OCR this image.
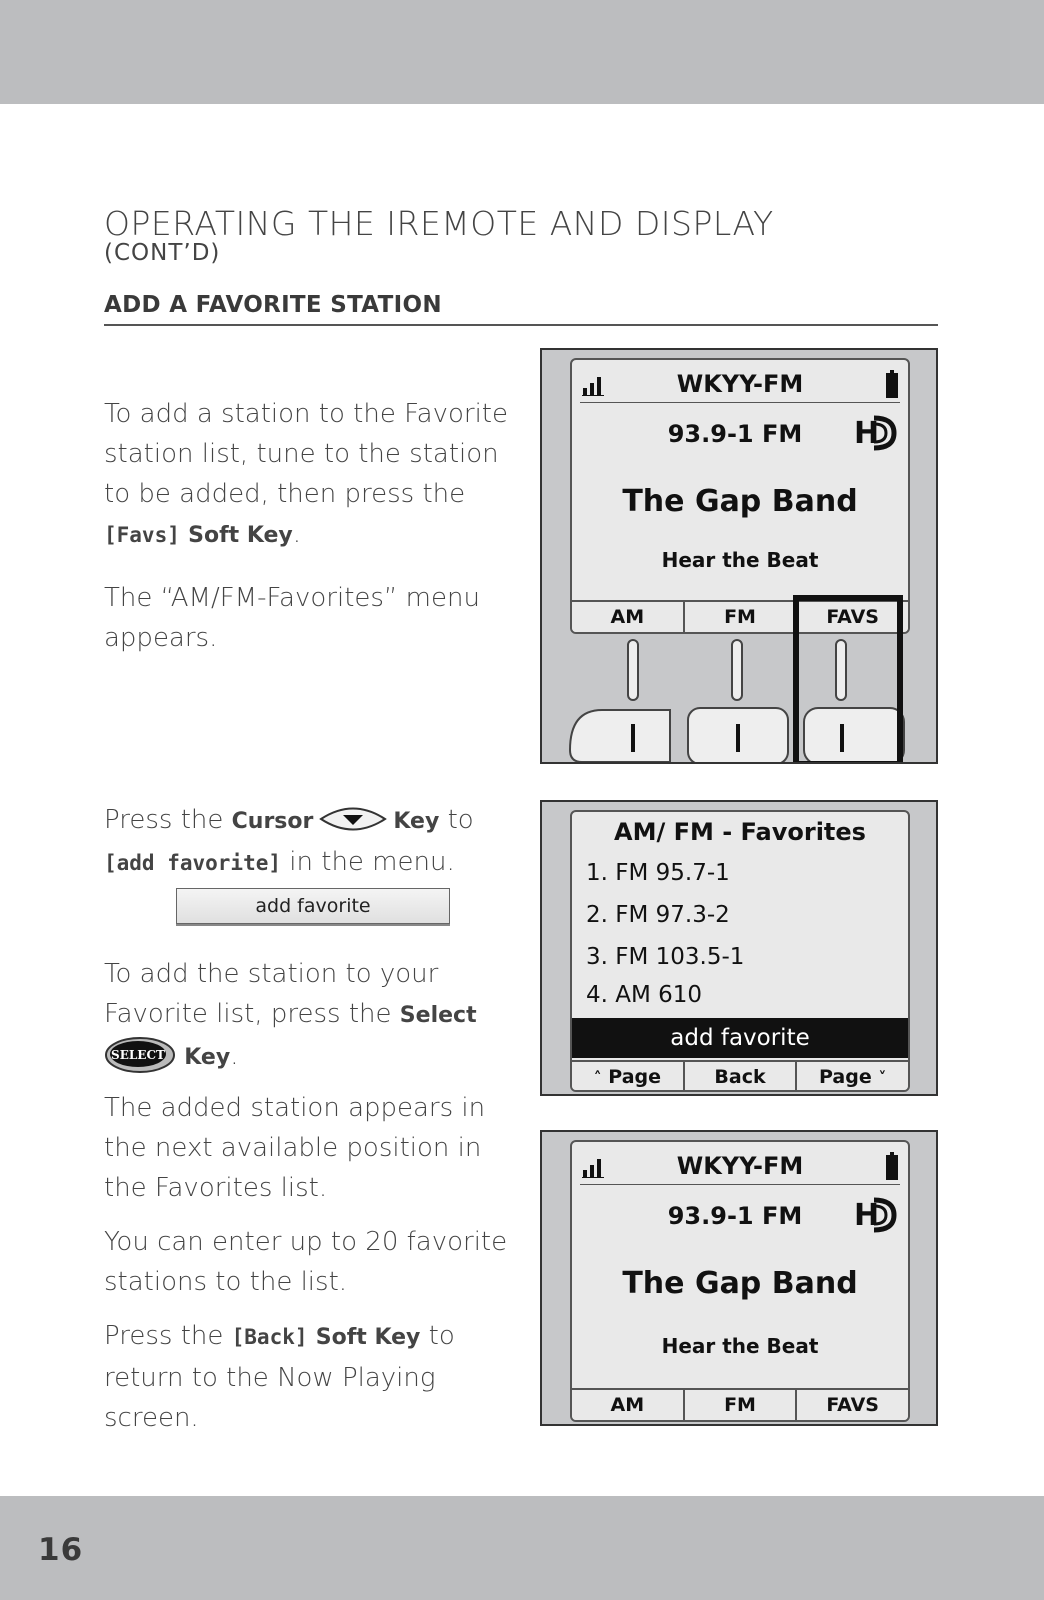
OPERATING THE IREMOTE AND DISPLAY
(CONT’D)
ADD A FAVORITE STATION
To add a station to the Favorite station list, tune to the station to be added, then press the [Favs] Soft Key.
The “AM/FM-Favorites” menu appears.
Press the Cursor	Key to [add favorite] in the menu.
add favorite
To add the station to your Favorite list, press the Select

SELECT Key.
The added station appears in the next available position in the Favorites list.
You can enter up to 20 favorite stations to the list.
Press the [Back] Soft Key to return to the Now Playing screen.
WKYY-FM
93.9-1 FM	H
The Gap Band
Hear the Beat
AM	FM	FAVS
AM/ FM - Favorites
1. FM 95.7-1
2. FM 97.3-2
3. FM 103.5-1
4. AM 610
add favorite
˄ Page	Back	Page ˅
WKYY-FM
93.9-1 FM	H
The Gap Band
Hear the Beat
AM	FM	FAVS
16
